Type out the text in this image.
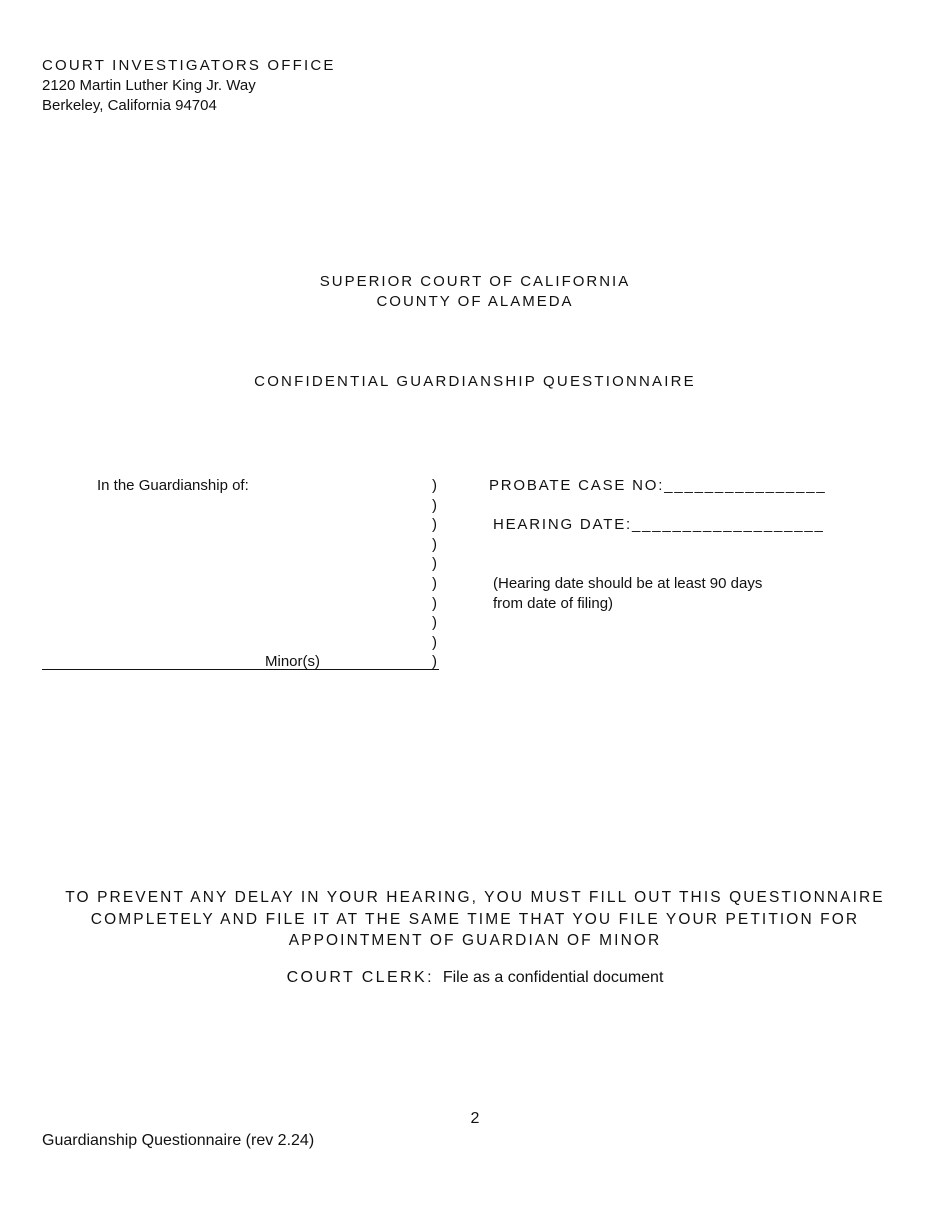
COURT INVESTIGATORS OFFICE
2120 Martin Luther King Jr. Way
Berkeley, California 94704
SUPERIOR COURT OF CALIFORNIA
COUNTY OF ALAMEDA
CONFIDENTIAL GUARDIANSHIP QUESTIONNAIRE
In the Guardianship of:
Minor(s)
)
)
)
)
)
)
)
)
)
)
PROBATE CASE NO:________________
HEARING DATE:___________________
(Hearing date should be at least 90 days
from date of filing)
TO PREVENT ANY DELAY IN YOUR HEARING, YOU MUST FILL OUT THIS QUESTIONNAIRE
COMPLETELY AND FILE IT AT THE SAME TIME THAT YOU FILE YOUR PETITION FOR
APPOINTMENT OF GUARDIAN OF MINOR
COURT CLERK: File as a confidential document
2
Guardianship Questionnaire (rev 2.24)
